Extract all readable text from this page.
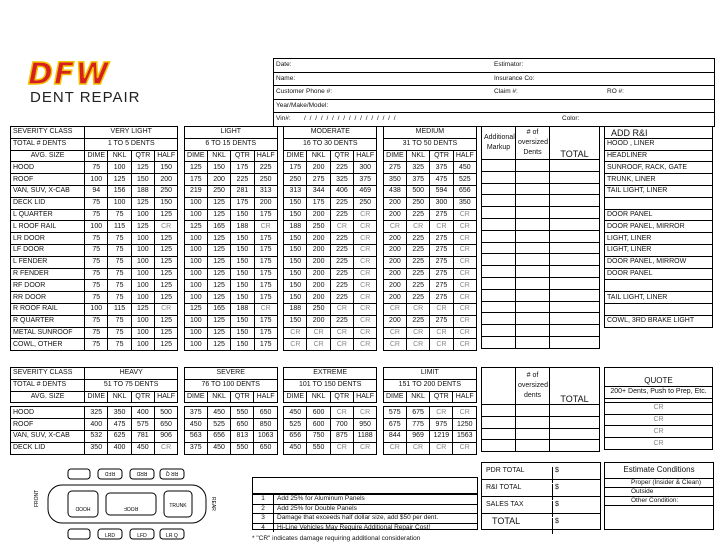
DFW
DENT REPAIR
Date:	Estimator:
Name:	Insurance Co:
Customer Phone #:	Claim #:	RO #:
Year/Make/Model:
Vin#: / / / / / / / / / / / / / / / / /	Color:
SEVERITY CLASS	VERY LIGHT					LIGHT					MODERATE					MEDIUM			
TOTAL # DENTS	1 TO 5 DENTS					6 TO 15 DENTS					16 TO 30 DENTS					31 TO 50 DENTS			
AVG. SIZE	DIME	NKL	QTR	HALF		DIME	NKL	QTR	HALF		DIME	NKL	QTR	HALF		DIME	NKL	QTR	HALF
HOOD	75	100	125	150		125	150	175	225		175	200	225	300		275	325	375	450
ROOF	100	125	150	200		175	200	225	250		250	275	325	375		350	375	475	525
VAN, SUV, X-CAB	94	156	188	250		219	250	281	313		313	344	406	469		438	500	594	656
DECK LID	75	100	125	150		100	125	175	200		150	175	225	250		200	250	300	350
L QUARTER	75	75	100	125		100	125	150	175		150	200	225	CR		200	225	275	CR
L ROOF RAIL	100	115	125	CR		125	165	188	CR		188	250	CR	CR		CR	CR	CR	CR
LR DOOR	75	75	100	125		100	125	150	175		150	200	225	CR		200	225	275	CR
LF DOOR	75	75	100	125		100	125	150	175		150	200	225	CR		200	225	275	CR
L FENDER	75	75	100	125		100	125	150	175		150	200	225	CR		200	225	275	CR
R FENDER	75	75	100	125		100	125	150	175		150	200	225	CR		200	225	275	CR
RF DOOR	75	75	100	125		100	125	150	175		150	200	225	CR		200	225	275	CR
RR DOOR	75	75	100	125		100	125	150	175		150	200	225	CR		200	225	275	CR
R ROOF RAIL	100	115	125	CR		125	165	188	CR		188	250	CR	CR		CR	CR	CR	CR
R QUARTER	75	75	100	125		100	125	150	175		150	200	225	CR		200	225	275	CR
METAL SUNROOF	75	75	100	125		100	125	150	175		CR	CR	CR	CR		CR	CR	CR	CR
COWL, OTHER	75	75	100	125		100	125	150	175		CR	CR	CR	CR		CR	CR	CR	CR
Additional Markup	# of oversized Dents	TOTAL

ADD R&I

HOOD , LINER
HEADLINER
SUNROOF, RACK, GATE
TRUNK, LINER
TAIL LIGHT, LINER

DOOR PANEL
DOOR PANEL, MIRROR
LIGHT, LINER
LIGHT, LINER
DOOR PANEL, MIRROW
DOOR PANEL

TAIL LIGHT, LINER

COWL, 3RD BRAKE LIGHT
SEVERITY CLASS	HEAVY					SEVERE					EXTREME					LIMIT			
TOTAL # DENTS	51 TO 75 DENTS					76 TO 100 DENTS					101 TO 150 DENTS					151 TO 200 DENTS			
AVG. SIZE	DIME	NKL	QTR	HALF		DIME	NKL	QTR	HALF		DIME	NKL	QTR	HALF		DIME	NKL	QTR	HALF

HOOD	325	350	400	500		375	450	550	650		450	600	CR	CR		575	675	CR	CR
ROOF	400	475	575	650		450	525	650	850		525	600	700	950		675	775	975	1250
VAN, SUV, X-CAB	532	625	781	906		563	656	813	1063		656	750	875	1188		844	969	1219	1563
DECK LID	350	400	450	CR		375	450	550	650		450	550	CR	CR		CR	CR	CR	CR
	# of oversized dents	TOTAL

QUOTE

200+ Dents, Push to Prep, Etc.

CR
CR
CR
CR
FRONT
HOOD	ROOF	TRUNK	REAR
LRD	LFD
RFD	RRD	RR Q
LR Q
1	Add 25% for Aluminum Panels
2	Add 25% for Double Panels
3	Damage that exceeds half dollar size, add $50 per dent.
4	Hi-Line Vehicles May Require Additional Repair Cost!
* "CR" indicates damage requiring additional consideration
PDR TOTAL	$
R&I TOTAL	$
SALES TAX	$
TOTAL	$
Estimate Conditions
Proper (Insider & Clean)
Outside
Other Condition:
